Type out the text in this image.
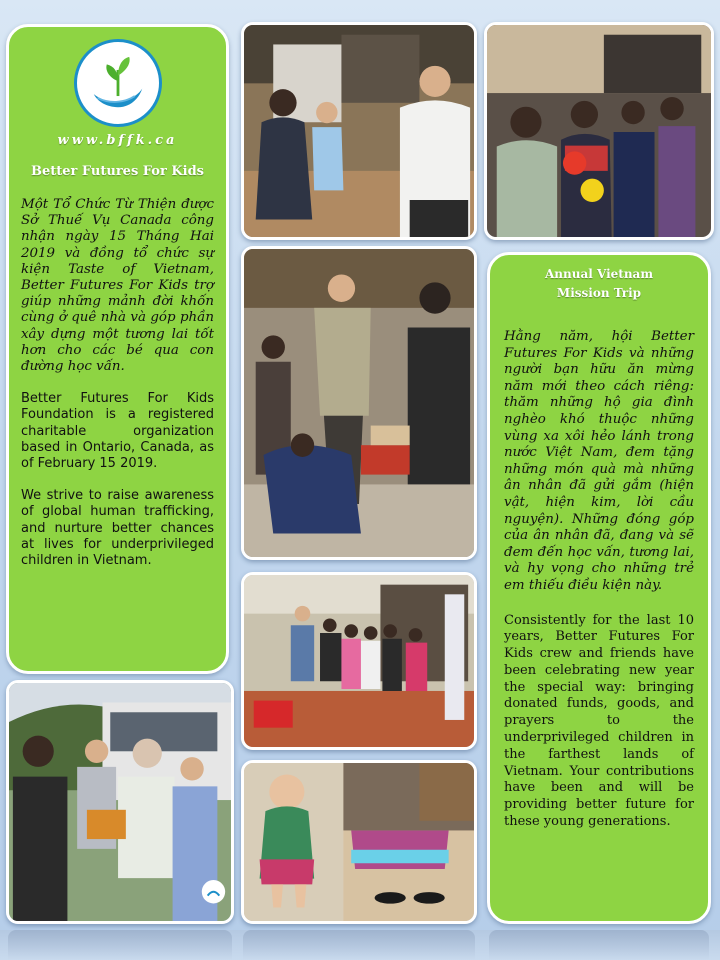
www.bffk.ca
Better Futures For Kids

Một Tổ Chức Từ Thiện được Sở Thuế Vụ Canada công nhận ngày 15 Tháng Hai 2019 và đồng tổ chức sự kiện Taste of Vietnam, Better Futures For Kids trợ giúp những mảnh đời khốn cùng ở quê nhà và góp phần xây dựng một tương lai tốt hơn cho các bé qua con đường học vấn.

Better Futures For Kids Foundation is a registered charitable organization based in Ontario, Canada, as of February 15 2019.

We strive to raise awareness of global human trafficking, and nurture better chances at lives for underprivileged children in Vietnam.

Annual Vietnam
Mission Trip

Hằng năm, hội Better Futures For Kids và những người bạn hữu ăn mừng năm mới theo cách riêng: thăm những hộ gia đình nghèo khó thuộc những vùng xa xôi hẻo lánh trong nước Việt Nam, đem tặng những món quà mà những ân nhân đã gửi gắm (hiện vật, hiện kim, lời cầu nguyện). Những đóng góp của ân nhân đã, đang và sẽ đem đến học vấn, tương lai, và hy vọng cho những trẻ em thiếu điều kiện này.

Consistently for the last 10 years, Better Futures For Kids crew and friends have been celebrating new year the special way: bringing donated funds, goods, and prayers to the underprivileged children in the farthest lands of Vietnam. Your contributions have been and will be providing better future for these young generations.
